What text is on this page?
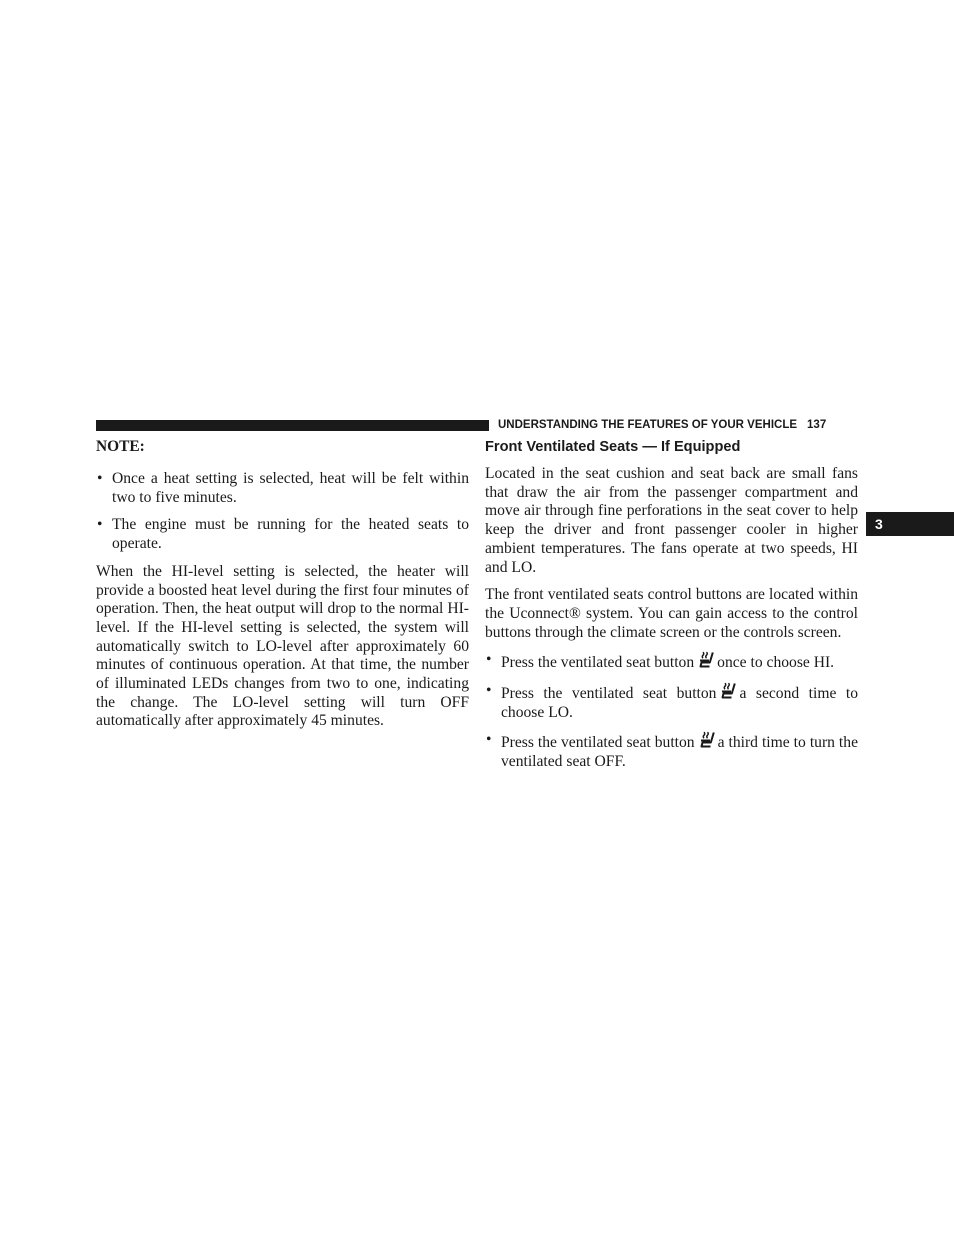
UNDERSTANDING THE FEATURES OF YOUR VEHICLE 137
3
NOTE:
• Once a heat setting is selected, heat will be felt within two to five minutes.
• The engine must be running for the heated seats to operate.

When the HI-level setting is selected, the heater will provide a boosted heat level during the first four minutes of operation. Then, the heat output will drop to the normal HI-level. If the HI-level setting is selected, the system will automatically switch to LO-level after approximately 60 minutes of continuous operation. At that time, the number of illuminated LEDs changes from two to one, indicating the change. The LO-level setting will turn OFF automatically after approximately 45 minutes.

Front Ventilated Seats — If Equipped

Located in the seat cushion and seat back are small fans that draw the air from the passenger compartment and move air through fine perforations in the seat cover to help keep the driver and front passenger cooler in higher ambient temperatures. The fans operate at two speeds, HI and LO.

The front ventilated seats control buttons are located within the Uconnect® system. You can gain access to the control buttons through the climate screen or the controls screen.

• Press the ventilated seat button once to choose HI.
• Press the ventilated seat button a second time to choose LO.
• Press the ventilated seat button a third time to turn the ventilated seat OFF.
